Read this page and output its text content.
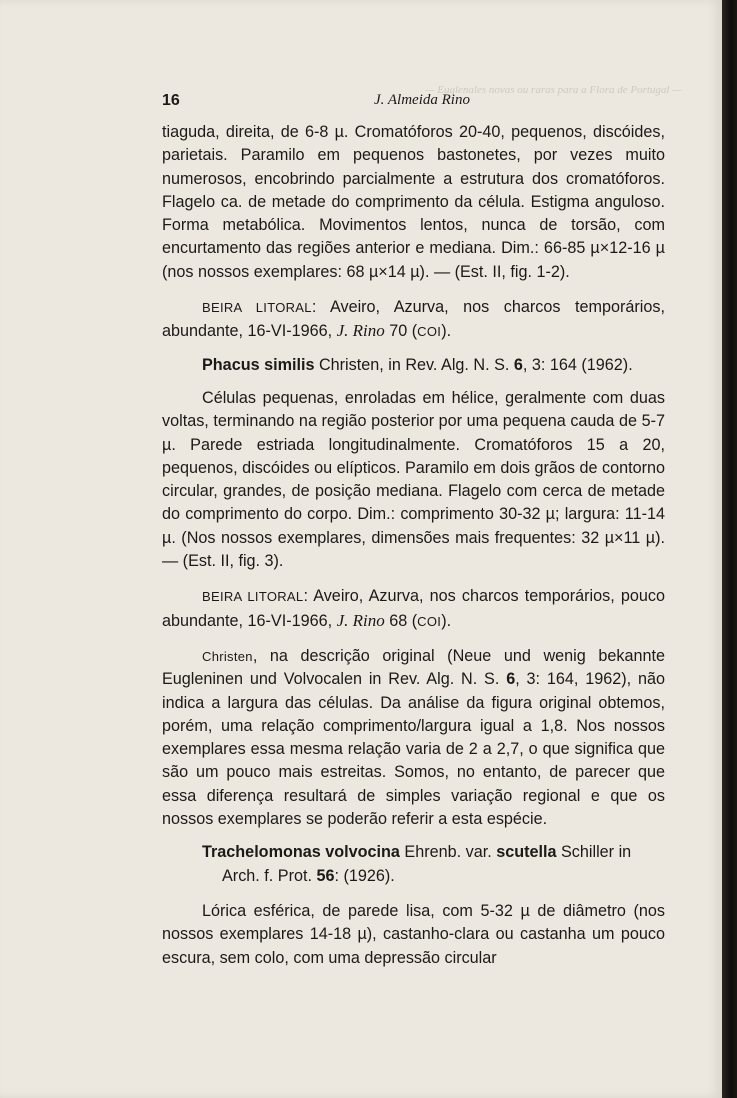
— Euglenales novas ou raras para a Flora de Portugal —
16	J. Almeida Rino

tiaguda, direita, de 6-8 µ. Cromatóforos 20-40, pequenos, discóides, parietais. Paramilo em pequenos bastonetes, por vezes muito numerosos, encobrindo parcialmente a estrutura dos cromatóforos. Flagelo ca. de metade do comprimento da célula. Estigma anguloso. Forma metabólica. Movimentos lentos, nunca de torsão, com encurtamento das regiões anterior e mediana. Dim.: 66-85 µ×12-16 µ (nos nossos exemplares: 68 µ×14 µ). — (Est. II, fig. 1-2).

BEIRA LITORAL: Aveiro, Azurva, nos charcos temporários, abundante, 16-VI-1966, J. Rino 70 (COI).

Phacus similis Christen, in Rev. Alg. N. S. 6, 3: 164 (1962).

Células pequenas, enroladas em hélice, geralmente com duas voltas, terminando na região posterior por uma pequena cauda de 5-7 µ. Parede estriada longitudinalmente. Cromatóforos 15 a 20, pequenos, discóides ou elípticos. Paramilo em dois grãos de contorno circular, grandes, de posição mediana. Flagelo com cerca de metade do comprimento do corpo. Dim.: comprimento 30-32 µ; largura: 11-14 µ. (Nos nossos exemplares, dimensões mais frequentes: 32 µ×11 µ). — (Est. II, fig. 3).

BEIRA LITORAL: Aveiro, Azurva, nos charcos temporários, pouco abundante, 16-VI-1966, J. Rino 68 (COI).

Christen, na descrição original (Neue und wenig bekannte Eugleninen und Volvocalen in Rev. Alg. N. S. 6, 3: 164, 1962), não indica a largura das células. Da análise da figura original obtemos, porém, uma relação comprimento/largura igual a 1,8. Nos nossos exemplares essa mesma relação varia de 2 a 2,7, o que significa que são um pouco mais estreitas. Somos, no entanto, de parecer que essa diferença resultará de simples variação regional e que os nossos exemplares se poderão referir a esta espécie.

Trachelomonas volvocina Ehrenb. var. scutella Schiller in Arch. f. Prot. 56: (1926).

Lórica esférica, de parede lisa, com 5-32 µ de diâmetro (nos nossos exemplares 14-18 µ), castanho-clara ou castanha um pouco escura, sem colo, com uma depressão circular
